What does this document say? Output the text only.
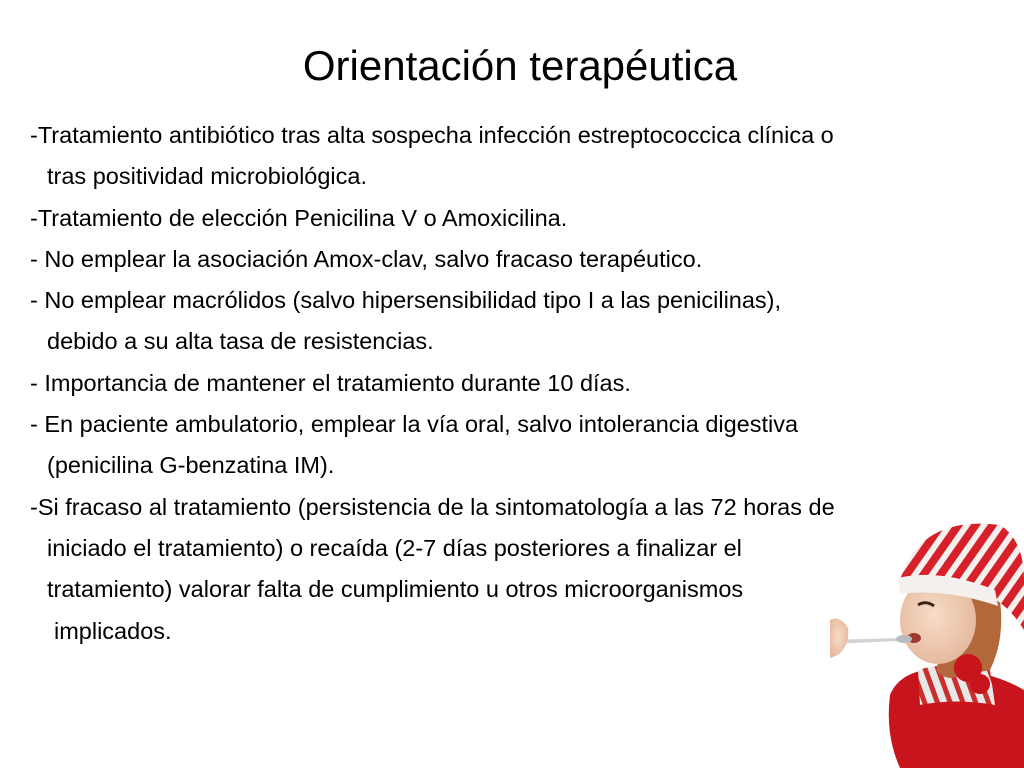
Orientación terapéutica
-Tratamiento antibiótico tras alta sospecha infección estreptococcica clínica o
tras positividad microbiológica.
-Tratamiento de elección Penicilina V o Amoxicilina.
- No emplear la asociación Amox-clav, salvo fracaso terapéutico.
- No emplear macrólidos (salvo hipersensibilidad tipo I a las penicilinas),
debido a su alta tasa de resistencias.
- Importancia de mantener el tratamiento durante 10 días.
- En paciente ambulatorio, emplear la vía oral, salvo intolerancia digestiva
(penicilina G-benzatina IM).
-Si fracaso al tratamiento (persistencia de la sintomatología a las 72 horas de
iniciado el tratamiento) o recaída (2-7 días posteriores a finalizar el
tratamiento) valorar falta de cumplimiento u otros microorganismos
implicados.
